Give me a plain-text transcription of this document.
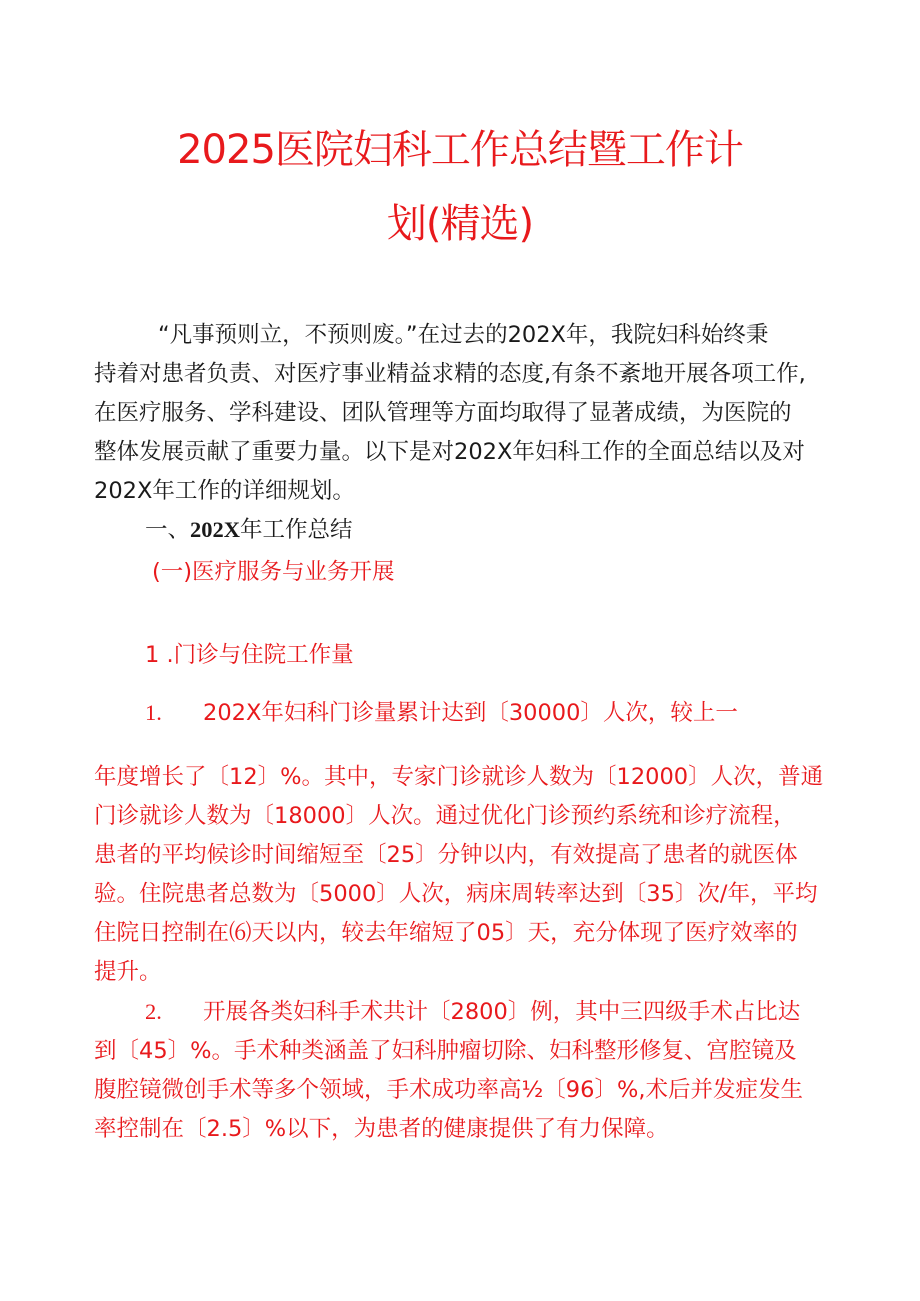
2025医院妇科工作总结暨工作计
划(精选)
“凡事预则立，不预则废。”在过去的202X年，我院妇科始终秉
持着对患者负责、对医疗事业精益求精的态度,有条不紊地开展各项工作,
在医疗服务、学科建设、团队管理等方面均取得了显著成绩，为医院的
整体发展贡献了重要力量。以下是对202X年妇科工作的全面总结以及对
202X年工作的详细规划。
一、202X年工作总结
(一)医疗服务与业务开展
1 .门诊与住院工作量
1. 202X年妇科门诊量累计达到〔30000〕人次，较上一
年度增长了〔12〕%。其中，专家门诊就诊人数为〔12000〕人次，普通
门诊就诊人数为〔18000〕人次。通过优化门诊预约系统和诊疗流程，
患者的平均候诊时间缩短至〔25〕分钟以内，有效提高了患者的就医体
验。住院患者总数为〔5000〕人次，病床周转率达到〔35〕次/年，平均
住院日控制在⑹天以内，较去年缩短了05〕天，充分体现了医疗效率的
提升。
2. 开展各类妇科手术共计〔2800〕例，其中三四级手术占比达
到〔45〕%。手术种类涵盖了妇科肿瘤切除、妇科整形修复、宫腔镜及
腹腔镜微创手术等多个领域，手术成功率高½〔96〕%,术后并发症发生
率控制在〔2.5〕%以下，为患者的健康提供了有力保障。
